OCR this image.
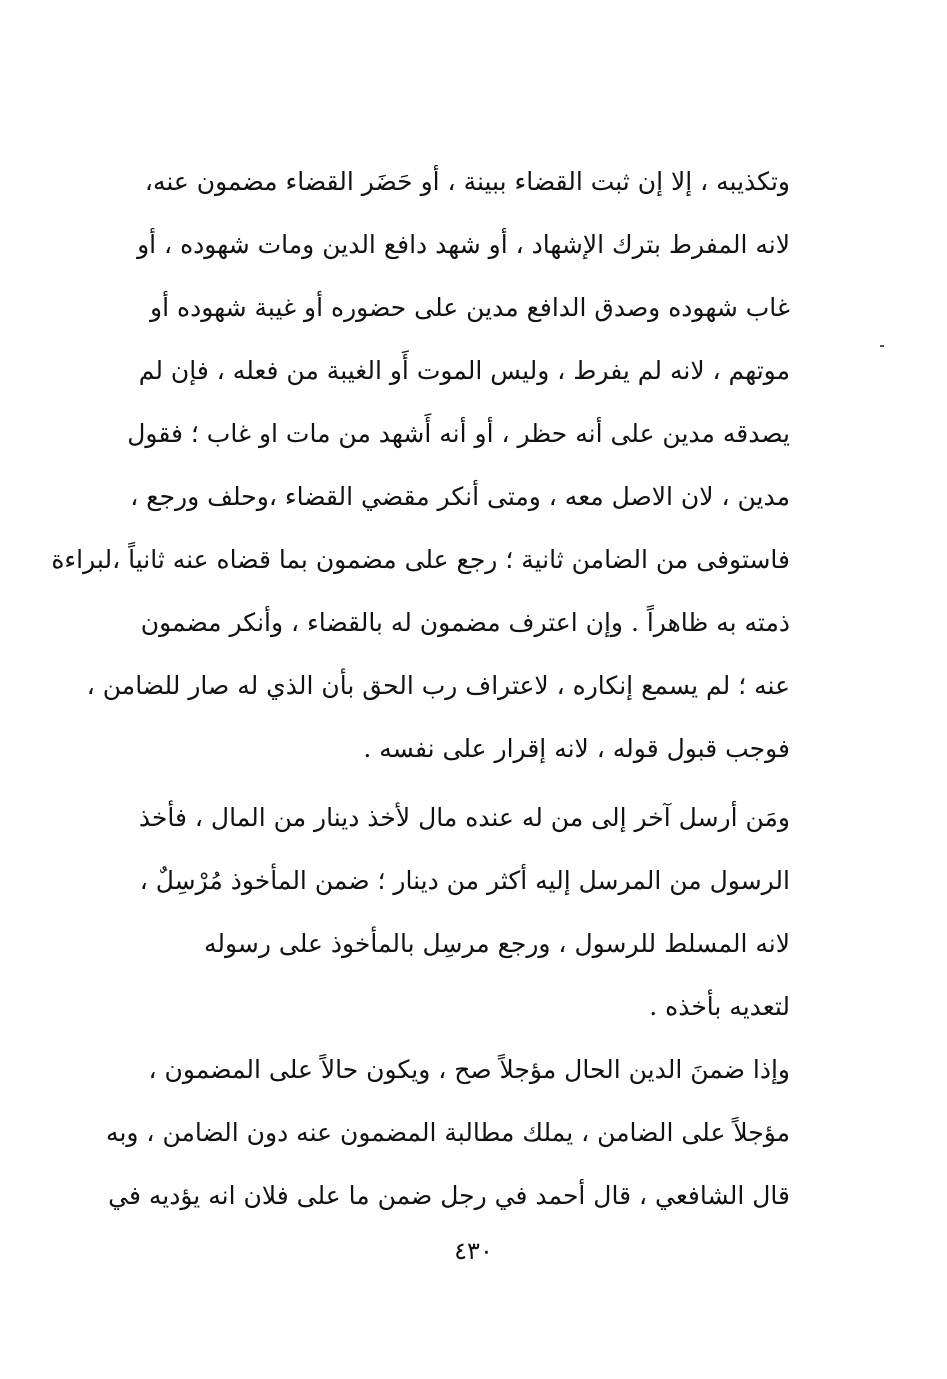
وتكذيبه ، إلا إن ثبت القضاء ببينة ، أو حَضَر القضاء مضمون عنه،
لانه المفرط بترك الإشهاد ، أو شهد دافع الدين ومات شهوده ، أو
غاب شهوده وصدق الدافع مدين على حضوره أو غيبة شهوده أو
موتهم ، لانه لم يفرط ، وليس الموت أَو الغيبة من فعله ، فإن لم
يصدقه مدين على أنه حظر ، أو أنه أَشهد من مات او غاب ؛ فقول
مدين ، لان الاصل معه ، ومتى أنكر مقضي القضاء ،وحلف ورجع ،
فاستوفى من الضامن ثانية ؛ رجع على مضمون بما قضاه عنه ثانياً ،لبراءة
ذمته به ظاهراً . وإن اعترف مضمون له بالقضاء ، وأنكر مضمون
عنه ؛ لم يسمع إنكاره ، لاعتراف رب الحق بأن الذي له صار للضامن ،
فوجب قبول قوله ، لانه إقرار على نفسه .
ومَن أرسل آخر إلى من له عنده مال لأخذ دينار من المال ، فأخذ
الرسول من المرسل إليه أكثر من دينار ؛ ضمن المأخوذ مُرْسِلٌ ،
لانه المسلط للرسول ، ورجع مرسِل بالمأخوذ على رسوله
لتعديه بأخذه .
وإذا ضمنَ الدين الحال مؤجلاً صح ، ويكون حالاً على المضمون ،
مؤجلاً على الضامن ، يملك مطالبة المضمون عنه دون الضامن ، وبه
قال الشافعي ، قال أحمد في رجل ضمن ما على فلان انه يؤديه في
٤٣٠
